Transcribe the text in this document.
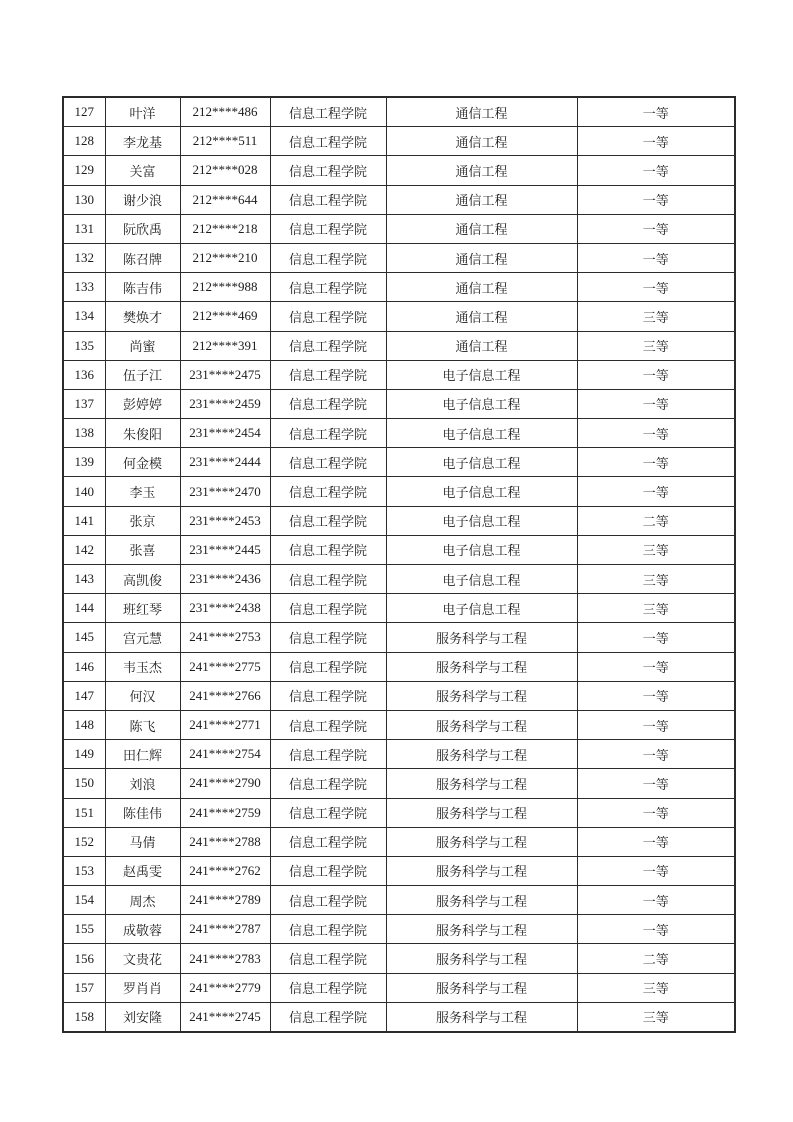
127	叶洋	212****486	信息工程学院	通信工程	一等
128	李龙基	212****511	信息工程学院	通信工程	一等
129	关富	212****028	信息工程学院	通信工程	一等
130	谢少浪	212****644	信息工程学院	通信工程	一等
131	阮欣禹	212****218	信息工程学院	通信工程	一等
132	陈召牌	212****210	信息工程学院	通信工程	一等
133	陈吉伟	212****988	信息工程学院	通信工程	一等
134	樊焕才	212****469	信息工程学院	通信工程	三等
135	尚蜜	212****391	信息工程学院	通信工程	三等
136	伍子江	231****2475	信息工程学院	电子信息工程	一等
137	彭婷婷	231****2459	信息工程学院	电子信息工程	一等
138	朱俊阳	231****2454	信息工程学院	电子信息工程	一等
139	何金模	231****2444	信息工程学院	电子信息工程	一等
140	李玉	231****2470	信息工程学院	电子信息工程	一等
141	张京	231****2453	信息工程学院	电子信息工程	二等
142	张喜	231****2445	信息工程学院	电子信息工程	三等
143	高凯俊	231****2436	信息工程学院	电子信息工程	三等
144	班红琴	231****2438	信息工程学院	电子信息工程	三等
145	宫元慧	241****2753	信息工程学院	服务科学与工程	一等
146	韦玉杰	241****2775	信息工程学院	服务科学与工程	一等
147	何汉	241****2766	信息工程学院	服务科学与工程	一等
148	陈飞	241****2771	信息工程学院	服务科学与工程	一等
149	田仁辉	241****2754	信息工程学院	服务科学与工程	一等
150	刘浪	241****2790	信息工程学院	服务科学与工程	一等
151	陈佳伟	241****2759	信息工程学院	服务科学与工程	一等
152	马倩	241****2788	信息工程学院	服务科学与工程	一等
153	赵禹雯	241****2762	信息工程学院	服务科学与工程	一等
154	周杰	241****2789	信息工程学院	服务科学与工程	一等
155	成敬蓉	241****2787	信息工程学院	服务科学与工程	一等
156	文贵花	241****2783	信息工程学院	服务科学与工程	二等
157	罗肖肖	241****2779	信息工程学院	服务科学与工程	三等
158	刘安隆	241****2745	信息工程学院	服务科学与工程	三等
